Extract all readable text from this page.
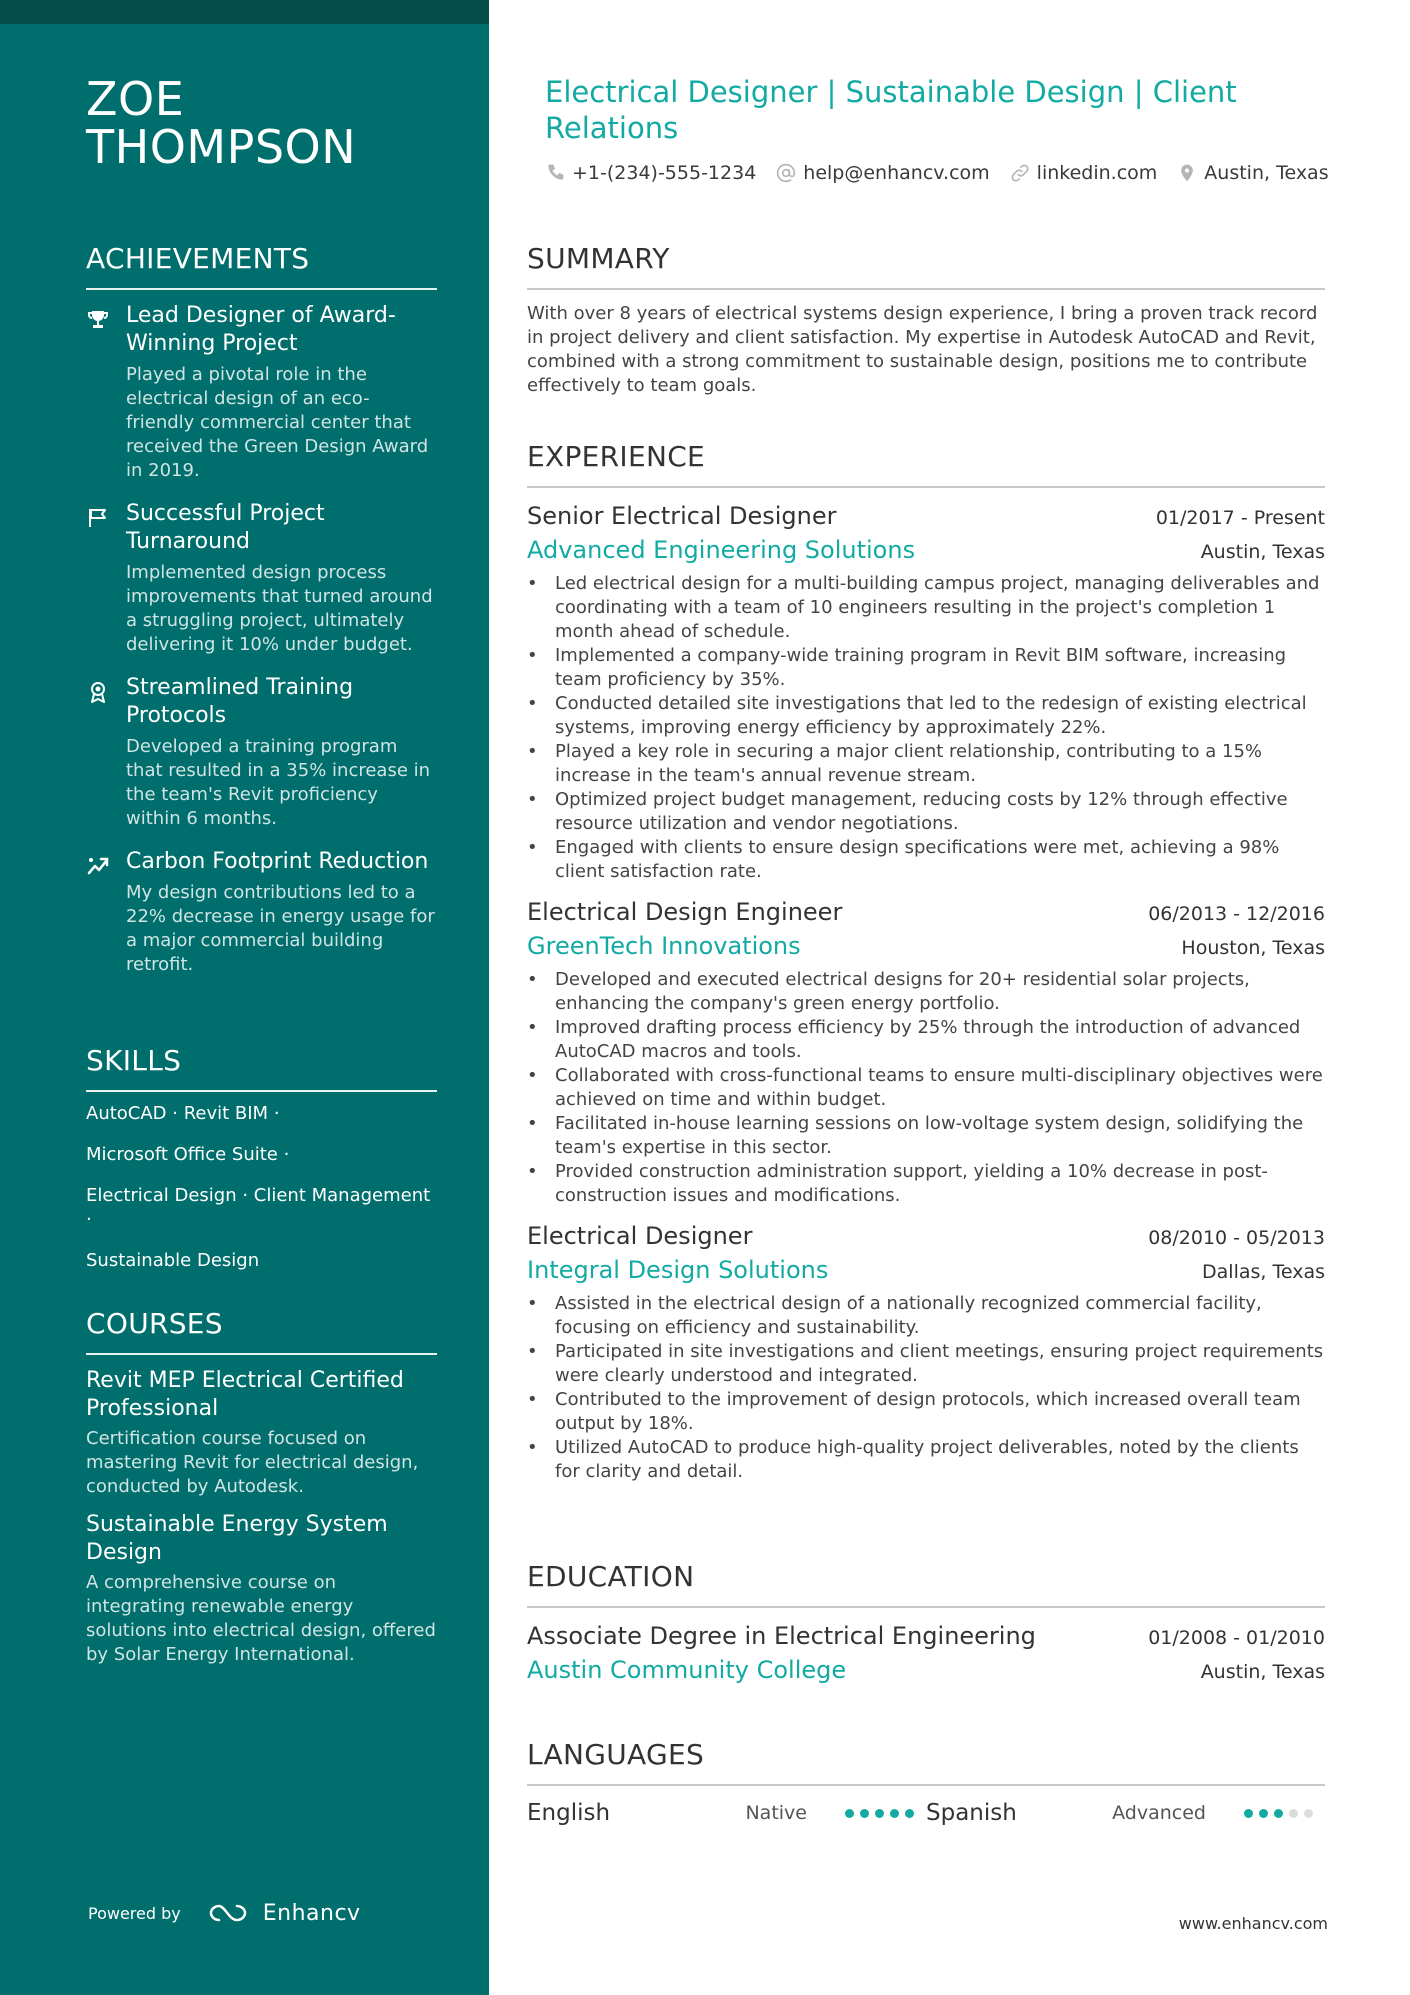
ZOE THOMPSON
ACHIEVEMENTS
Lead Designer of Award-Winning Project
Played a pivotal role in the electrical design of an eco-friendly commercial center that received the Green Design Award in 2019.
Successful Project Turnaround
Implemented design process improvements that turned around a struggling project, ultimately delivering it 10% under budget.
Streamlined Training Protocols
Developed a training program that resulted in a 35% increase in the team's Revit proficiency within 6 months.
Carbon Footprint Reduction
My design contributions led to a 22% decrease in energy usage for a major commercial building retrofit.
SKILLS
AutoCAD · Revit BIM ·
Microsoft Office Suite ·
Electrical Design · Client Management ·
Sustainable Design
COURSES
Revit MEP Electrical Certified Professional
Certification course focused on mastering Revit for electrical design, conducted by Autodesk.
Sustainable Energy System Design
A comprehensive course on integrating renewable energy solutions into electrical design, offered by Solar Energy International.
Powered by	Enhancv
Electrical Designer | Sustainable Design | Client Relations
+1-(234)-555-1234 help@enhancv.com linkedin.com Austin, Texas
SUMMARY
With over 8 years of electrical systems design experience, I bring a proven track record in project delivery and client satisfaction. My expertise in Autodesk AutoCAD and Revit, combined with a strong commitment to sustainable design, positions me to contribute effectively to team goals.
EXPERIENCE
Senior Electrical Designer	01/2017 - Present
Advanced Engineering Solutions	Austin, Texas
• Led electrical design for a multi-building campus project, managing deliverables and coordinating with a team of 10 engineers resulting in the project's completion 1 month ahead of schedule.
• Implemented a company-wide training program in Revit BIM software, increasing team proficiency by 35%.
• Conducted detailed site investigations that led to the redesign of existing electrical systems, improving energy efficiency by approximately 22%.
• Played a key role in securing a major client relationship, contributing to a 15% increase in the team's annual revenue stream.
• Optimized project budget management, reducing costs by 12% through effective resource utilization and vendor negotiations.
• Engaged with clients to ensure design specifications were met, achieving a 98% client satisfaction rate.
Electrical Design Engineer	06/2013 - 12/2016
GreenTech Innovations	Houston, Texas
• Developed and executed electrical designs for 20+ residential solar projects, enhancing the company's green energy portfolio.
• Improved drafting process efficiency by 25% through the introduction of advanced AutoCAD macros and tools.
• Collaborated with cross-functional teams to ensure multi-disciplinary objectives were achieved on time and within budget.
• Facilitated in-house learning sessions on low-voltage system design, solidifying the team's expertise in this sector.
• Provided construction administration support, yielding a 10% decrease in post-construction issues and modifications.
Electrical Designer	08/2010 - 05/2013
Integral Design Solutions	Dallas, Texas
• Assisted in the electrical design of a nationally recognized commercial facility, focusing on efficiency and sustainability.
• Participated in site investigations and client meetings, ensuring project requirements were clearly understood and integrated.
• Contributed to the improvement of design protocols, which increased overall team output by 18%.
• Utilized AutoCAD to produce high-quality project deliverables, noted by the clients for clarity and detail.
EDUCATION
Associate Degree in Electrical Engineering	01/2008 - 01/2010
Austin Community College	Austin, Texas
LANGUAGES
English	Native	Spanish	Advanced
www.enhancv.com
